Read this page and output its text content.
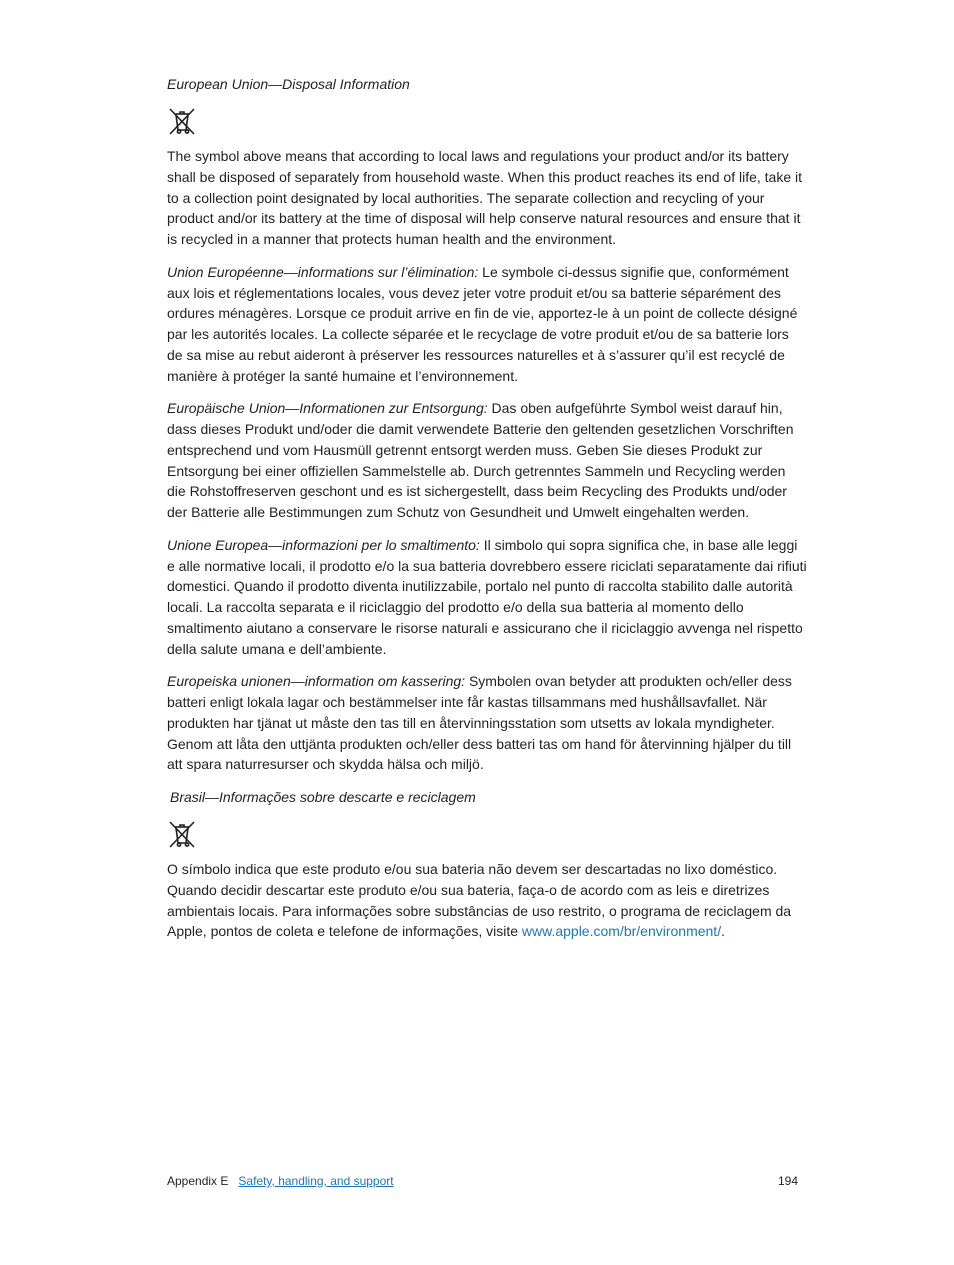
European Union—Disposal Information

The symbol above means that according to local laws and regulations your product and/or its battery shall be disposed of separately from household waste. When this product reaches its end of life, take it to a collection point designated by local authorities. The separate collection and recycling of your product and/or its battery at the time of disposal will help conserve natural resources and ensure that it is recycled in a manner that protects human health and the environment.

Union Européenne—informations sur l’élimination: Le symbole ci-dessus signifie que, conformément aux lois et réglementations locales, vous devez jeter votre produit et/ou sa batterie séparément des ordures ménagères. Lorsque ce produit arrive en fin de vie, apportez-le à un point de collecte désigné par les autorités locales. La collecte séparée et le recyclage de votre produit et/ou de sa batterie lors de sa mise au rebut aideront à préserver les ressources naturelles et à s’assurer qu’il est recyclé de manière à protéger la santé humaine et l’environnement.

Europäische Union—Informationen zur Entsorgung: Das oben aufgeführte Symbol weist darauf hin, dass dieses Produkt und/oder die damit verwendete Batterie den geltenden gesetzlichen Vorschriften entsprechend und vom Hausmüll getrennt entsorgt werden muss. Geben Sie dieses Produkt zur Entsorgung bei einer offiziellen Sammelstelle ab. Durch getrenntes Sammeln und Recycling werden die Rohstoffreserven geschont und es ist sichergestellt, dass beim Recycling des Produkts und/oder der Batterie alle Bestimmungen zum Schutz von Gesundheit und Umwelt eingehalten werden.

Unione Europea—informazioni per lo smaltimento: Il simbolo qui sopra significa che, in base alle leggi e alle normative locali, il prodotto e/o la sua batteria dovrebbero essere riciclati separatamente dai rifiuti domestici. Quando il prodotto diventa inutilizzabile, portalo nel punto di raccolta stabilito dalle autorità locali. La raccolta separata e il riciclaggio del prodotto e/o della sua batteria al momento dello smaltimento aiutano a conservare le risorse naturali e assicurano che il riciclaggio avvenga nel rispetto della salute umana e dell’ambiente.

Europeiska unionen—information om kassering: Symbolen ovan betyder att produkten och/eller dess batteri enligt lokala lagar och bestämmelser inte får kastas tillsammans med hushållsavfallet. När produkten har tjänat ut måste den tas till en återvinningsstation som utsetts av lokala myndigheter. Genom att låta den uttjänta produkten och/eller dess batteri tas om hand för återvinning hjälper du till att spara naturresurser och skydda hälsa och miljö.

Brasil—Informações sobre descarte e reciclagem

O símbolo indica que este produto e/ou sua bateria não devem ser descartadas no lixo doméstico. Quando decidir descartar este produto e/ou sua bateria, faça-o de acordo com as leis e diretrizes ambientais locais. Para informações sobre substâncias de uso restrito, o programa de reciclagem da Apple, pontos de coleta e telefone de informações, visite www.apple.com/br/environment/.

Appendix E Safety, handling, and support	194
